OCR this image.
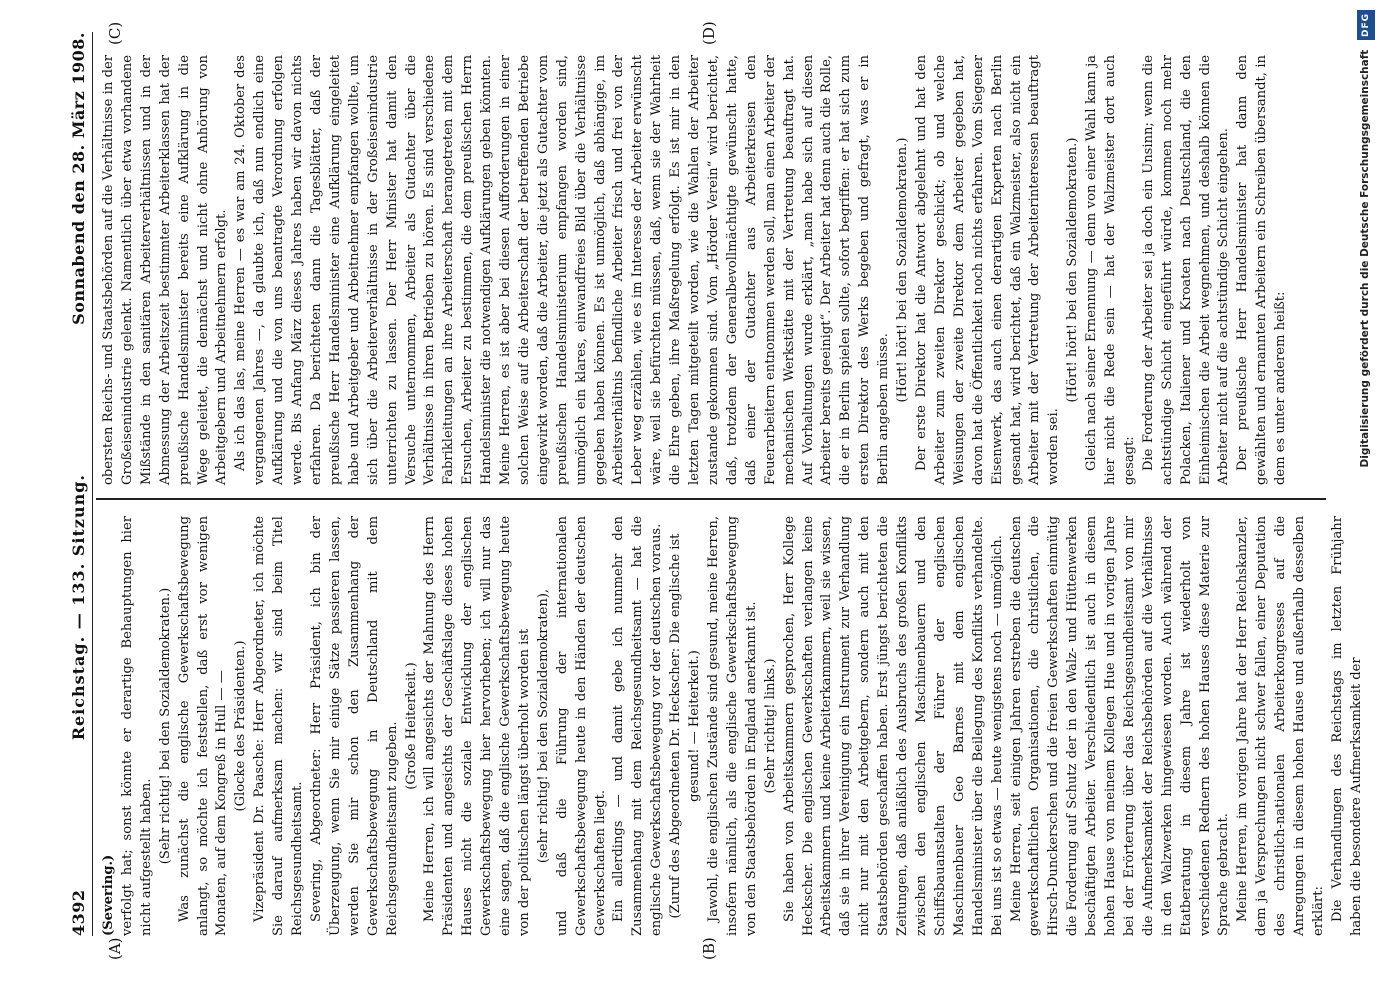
4392
Reichstag. — 133. Sitzung.
Sonnabend den 28. März 1908.
(A)	(B)
(C)	(D)

(Severing.) verfolgt hat; sonst könnte er derartige Behauptungen hier nicht aufgestellt haben. (Sehr richtig! bei den Sozialdemokraten.) Was zunächst die englische Gewerkschaftsbewegung anlangt, so möchte ich feststellen, daß erst vor wenigen Monaten, auf dem Kongreß in Hull — — (Glocke des Präsidenten.) Vizepräsident Dr. Paasche: Herr Abgeordneter, ich möchte Sie darauf aufmerksam machen: wir sind beim Titel Reichsgesundheitsamt. Severing, Abgeordneter: Herr Präsident, ich bin der Überzeugung, wenn Sie mir einige Sätze passieren lassen, werden Sie mir schon den Zusammenhang der Gewerkschaftsbewegung in Deutschland mit dem Reichsgesundheitsamt zugeben. (Große Heiterkeit.) Meine Herren, ich will angesichts der Mahnung des Herrn Präsidenten und angesichts der Geschäftslage dieses hohen Hauses nicht die soziale Entwicklung der englischen Gewerkschaftsbewegung hier hervorheben; ich will nur das eine sagen, daß die englische Gewerkschaftsbewegung heute von der politischen längst überholt worden ist (sehr richtig! bei den Sozialdemokraten), und daß die Führung der internationalen Gewerkschaftsbewegung heute in den Händen der deutschen Gewerkschaften liegt. Ein allerdings — und damit gebe ich nunmehr den Zusammenhang mit dem Reichsgesundheitsamt — hat die englische Gewerkschaftsbewegung vor der deutschen voraus. (Zuruf des Abgeordneten Dr. Heckscher: Die englische ist gesund! — Heiterkeit.) Jawohl, die englischen Zustände sind gesund, meine Herren, insofern nämlich, als die englische Gewerkschaftsbewegung von den Staatsbehörden in England anerkannt ist. (Sehr richtig! links.) Sie haben von Arbeitskammern gesprochen, Herr Kollege Heckscher. Die englischen Gewerkschaften verlangen keine Arbeitskammern und keine Arbeiterkammern, weil sie wissen, daß sie in ihrer Vereinigung ein Instrument zur Verhandlung nicht nur mit den Arbeitgebern, sondern auch mit den Staatsbehörden geschaffen haben. Erst jüngst berichteten die Zeitungen, daß anläßlich des Ausbruchs des großen Konflikts zwischen den englischen Maschinenbauern und den Schiffsbauanstalten der Führer der englischen Maschinenbauer Geo Barnes mit dem englischen Handelsminister über die Beilegung des Konflikts verhandelte. Bei uns ist so etwas — heute wenigstens noch — unmöglich. Meine Herren, seit einigen Jahren erstreben die deutschen gewerkschaftlichen Organisationen, die christlichen, die Hirsch-Dunckerschen und die freien Gewerkschaften einmütig die Forderung auf Schutz der in den Walz- und Hüttenwerken beschäftigten Arbeiter. Verschiedentlich ist auch in diesem hohen Hause von meinem Kollegen Hue und in vorigen Jahre bei der Erörterung über das Reichsgesundheitsamt von mir die Aufmerksamkeit der Reichsbehörden auf die Verhältnisse in den Walzwerken hingewiesen worden. Auch während der Etatberatung in diesem Jahre ist wiederholt von verschiedenen Rednern des hohen Hauses diese Materie zur Sprache gebracht. Meine Herren, im vorigen Jahre hat der Herr Reichskanzler, dem ja Versprechungen nicht schwer fallen, einer Deputation des christlich-nationalen Arbeiterkongresses auf die Anregungen in diesem hohen Hause und außerhalb desselben erklärt: Die Verhandlungen des Reichstags im letzten Frühjahr haben die besondere Aufmerksamkeit der

obersten Reichs- und Staatsbehörden auf die Verhältnisse in der Großeisenindustrie gelenkt. Namentlich über etwa vorhandene Mißstände in den sanitären Arbeiterverhältnissen und in der Abmessung der Arbeitszeit bestimmter Arbeiterklassen hat der preußische Handelsminister bereits eine Aufklärung in die Wege geleitet, die dennächst und nicht ohne Anhörung von Arbeitgebern und Arbeitnehmern erfolgt. Als ich das las, meine Herren — es war am 24. Oktober des vergangenen Jahres —, da glaubte ich, daß nun endlich eine Aufklärung und die von uns beantragte Verordnung erfolgen werde. Bis Anfang März dieses Jahres haben wir davon nichts erfahren. Da berichteten dann die Tagesblätter, daß der preußische Herr Handelsminister eine Aufklärung eingeleitet habe und Arbeitgeber und Arbeitnehmer empfangen wollte, um sich über die Arbeiterverhältnisse in der Großeisenindustrie unterrichten zu lassen. Der Herr Minister hat damit den Versuche unternommen, Arbeiter als Gutachter über die Verhältnisse in ihren Betrieben zu hören. Es sind verschiedene Fabrikleitungen an ihre Arbeiterschaft herangetreten mit dem Ersuchen, Arbeiter zu bestimmen, die dem preußischen Herrn Handelsminister die notwendigen Aufklärungen geben könnten. Meine Herren, es ist aber bei diesen Aufforderungen in einer solchen Weise auf die Arbeiterschaft der betreffenden Betriebe eingewirkt worden, daß die Arbeiter, die jetzt als Gutachter vom preußischen Handelsministerium empfangen worden sind, unmöglich ein klares, einwandfreies Bild über die Verhältnisse gegeben haben können. Es ist unmöglich, daß abhängige, im Arbeitsverhältnis befindliche Arbeiter frisch und frei von der Leber weg erzählen, wie es im Interesse der Arbeiter erwünscht wäre, weil sie befürchten müssen, daß, wenn sie der Wahrheit die Ehre geben, ihre Maßregelung erfolgt. Es ist mir in den letzten Tagen mitgeteilt worden, wie die Wahlen der Arbeiter zustande gekommen sind. Vom „Hörder Verein“ wird berichtet, daß, trotzdem der Generalbevollmächtigte gewünscht hatte, daß einer der Gutachter aus Arbeiterkreisen den Feuerarbeitern entnommen werden soll, man einen Arbeiter der mechanischen Werkstätte mit der Vertretung beauftragt hat. Auf Vorhaltungen wurde erklärt, „man habe sich auf diesen Arbeiter bereits geeinigt“. Der Arbeiter hat denn auch die Rolle, die er in Berlin spielen sollte, sofort begriffen: er hat sich zum ersten Direktor des Werks begeben und gefragt, was er in Berlin angeben müsse.

(Hört! hört! bei den Sozialdemokraten.) Der erste Direktor hat die Antwort abgelehnt und hat den Arbeiter zum zweiten Direktor geschickt; ob und welche Weisungen der zweite Direktor dem Arbeiter gegeben hat, davon hat die Öffentlichkeit noch nichts erfahren. Vom Siegener Eisenwerk, das auch einen derartigen Experten nach Berlin gesandt hat, wird berichtet, daß ein Walzmeister, also nicht ein Arbeiter mit der Vertretung der Arbeiterinteressen beauftragt worden sei.

(Hört! hört! bei den Sozialdemokraten.) Gleich nach seiner Ernennung — denn von einer Wahl kann ja hier nicht die Rede sein — hat der Walzmeister dort auch gesagt: Die Forderung der Arbeiter sei ja doch ein Unsinn; wenn die achtstündige Schicht eingeführt würde, kommen noch mehr Polacken, Italiener und Kroaten nach Deutschland, die den Einheimischen die Arbeit wegnehmen, und deshalb können die Arbeiter nicht auf die achtstündige Schicht eingehen. Der preußische Herr Handelsminister hat dann den gewählten und ernannten Arbeitern ein Schreiben übersandt, in dem es unter anderem heißt:	Digitalisierung gefördert durch die Deutsche Forschungsgemeinschaft DFG
